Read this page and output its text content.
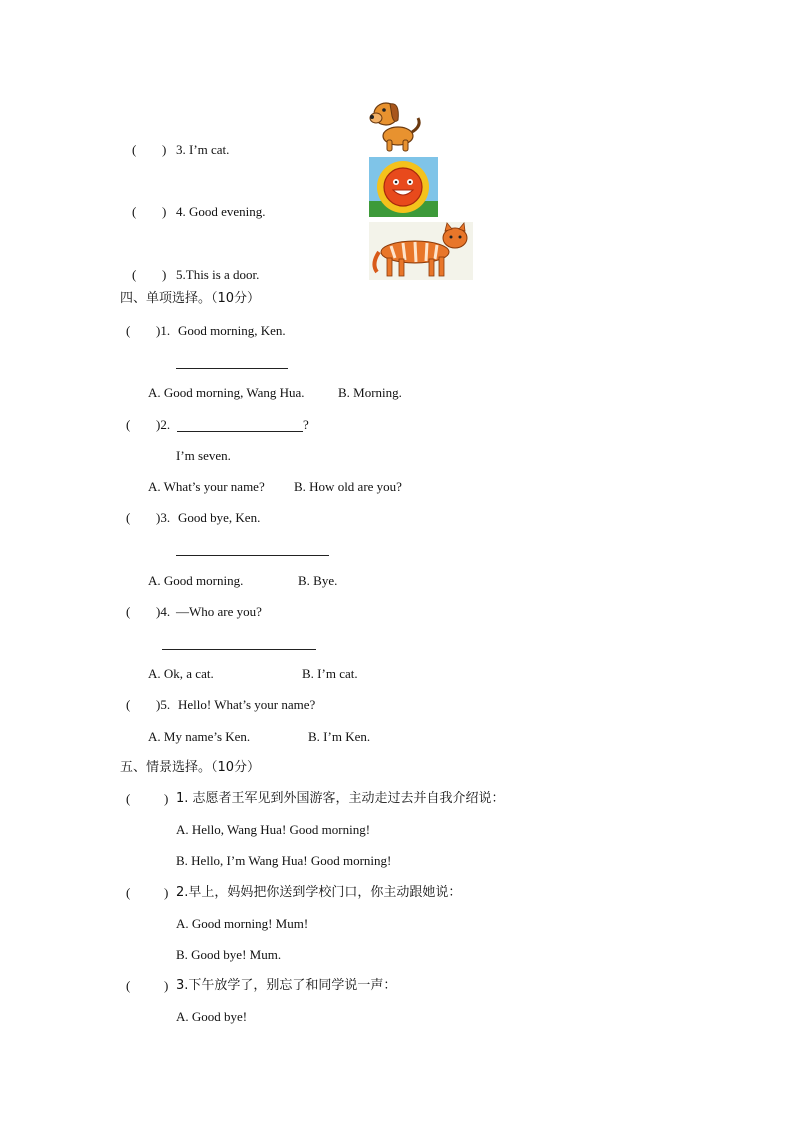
( ) 3. I’m cat.
( ) 4. Good evening.
( ) 5.This is a door.
四、单项选择。（10分）
( )1. Good morning, Ken.
A. Good morning, Wang Hua.	B. Morning.
( )2.	?
I’m seven.
A. What’s your name? B. How old are you?
( )3. Good bye, Ken.
A. Good morning.	B. Bye.
( )4. —Who are you?
A. Ok, a cat.	B. I’m cat.
( )5. Hello! What’s your name?
A. My name’s Ken.	B. I’m Ken.
五、情景选择。（10分）
(	) 1. 志愿者王军见到外国游客，主动走过去并自我介绍说：
A. Hello, Wang Hua! Good morning!
B. Hello, I’m Wang Hua! Good morning!
(	) 2.早上，妈妈把你送到学校门口，你主动跟她说：
A. Good morning! Mum!
B. Good bye! Mum.
(	) 3.下午放学了，别忘了和同学说一声：
A. Good bye!
